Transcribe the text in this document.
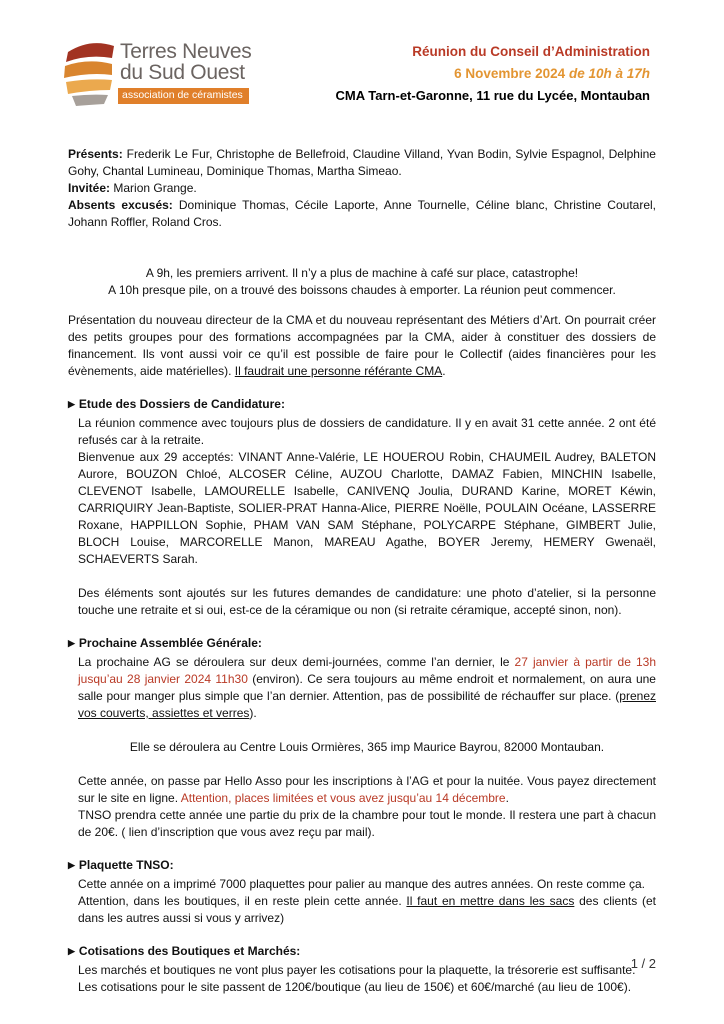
Terres Neuves
du Sud Ouest
association de céramistes
Réunion du Conseil d’Administration
6 Novembre 2024 de 10h à 17h
CMA Tarn-et-Garonne, 11 rue du Lycée, Montauban

Présents: Frederik Le Fur, Christophe de Bellefroid, Claudine Villand, Yvan Bodin, Sylvie Espagnol, Delphine Gohy, Chantal Lumineau, Dominique Thomas, Martha Simeao.

Invitée: Marion Grange.

Absents excusés: Dominique Thomas, Cécile Laporte, Anne Tournelle, Céline blanc, Christine Coutarel, Johann Roffler, Roland Cros.

A 9h, les premiers arrivent. Il n’y a plus de machine à café sur place, catastrophe!

A 10h presque pile, on a trouvé des boissons chaudes à emporter. La réunion peut commencer.

Présentation du nouveau directeur de la CMA et du nouveau représentant des Métiers d’Art. On pourrait créer des petits groupes pour des formations accompagnées par la CMA, aider à constituer des dossiers de financement. Ils vont aussi voir ce qu’il est possible de faire pour le Collectif (aides financières pour les évènements, aide matérielles). Il faudrait une personne référante CMA.

▶ Etude des Dossiers de Candidature:

La réunion commence avec toujours plus de dossiers de candidature. Il y en avait 31 cette année. 2 ont été refusés car à la retraite.

Bienvenue aux 29 acceptés: VINANT Anne-Valérie, LE HOUEROU Robin, CHAUMEIL Audrey, BALETON Aurore, BOUZON Chloé, ALCOSER Céline, AUZOU Charlotte, DAMAZ Fabien, MINCHIN Isabelle, CLEVENOT Isabelle, LAMOURELLE Isabelle, CANIVENQ Joulia, DURAND Karine, MORET Kéwin, CARRIQUIRY Jean-Baptiste, SOLIER-PRAT Hanna-Alice, PIERRE Noëlle, POULAIN Océane, LASSERRE Roxane, HAPPILLON Sophie, PHAM VAN SAM Stéphane, POLYCARPE Stéphane, GIMBERT Julie, BLOCH Louise, MARCORELLE Manon, MAREAU Agathe, BOYER Jeremy, HEMERY Gwenaël, SCHAEVERTS Sarah.

Des éléments sont ajoutés sur les futures demandes de candidature: une photo d’atelier, si la personne touche une retraite et si oui, est-ce de la céramique ou non (si retraite céramique, accepté sinon, non).

▶ Prochaine Assemblée Générale:

La prochaine AG se déroulera sur deux demi-journées, comme l’an dernier, le 27 janvier à partir de 13h jusqu’au 28 janvier 2024 11h30 (environ). Ce sera toujours au même endroit et normalement, on aura une salle pour manger plus simple que l’an dernier. Attention, pas de possibilité de réchauffer sur place. (prenez vos couverts, assiettes et verres).

Elle se déroulera au Centre Louis Ormières, 365 imp Maurice Bayrou, 82000 Montauban.

Cette année, on passe par Hello Asso pour les inscriptions à l’AG et pour la nuitée. Vous payez directement sur le site en ligne. Attention, places limitées et vous avez jusqu’au 14 décembre.

TNSO prendra cette année une partie du prix de la chambre pour tout le monde. Il restera une part à chacun de 20€. ( lien d’inscription que vous avez reçu par mail).

▶ Plaquette TNSO:

Cette année on a imprimé 7000 plaquettes pour palier au manque des autres années. On reste comme ça.

Attention, dans les boutiques, il en reste plein cette année. Il faut en mettre dans les sacs des clients (et dans les autres aussi si vous y arrivez)

▶ Cotisations des Boutiques et Marchés:

Les marchés et boutiques ne vont plus payer les cotisations pour la plaquette, la trésorerie est suffisante.

Les cotisations pour le site passent de 120€/boutique (au lieu de 150€) et 60€/marché (au lieu de 100€).

1 / 2
